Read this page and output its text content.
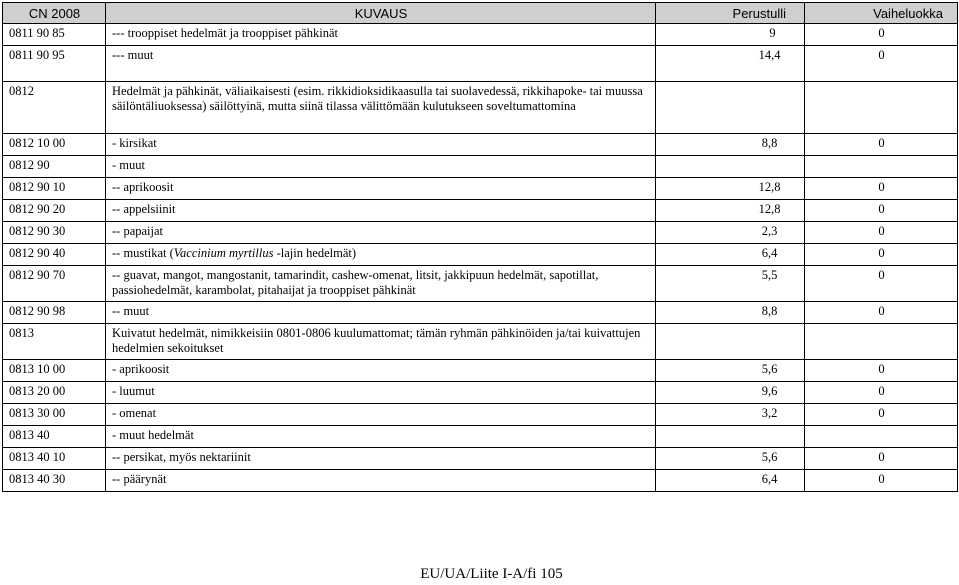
CN 2008	KUVAUS	Perustulli	Vaiheluokka
0811 90 85	--- trooppiset hedelmät ja trooppiset pähkinät	9	0
0811 90 95	--- muut	14,4	0
0812	Hedelmät ja pähkinät, väliaikaisesti (esim. rikkidioksidikaasulla tai suolavedessä, rikkihapoke- tai muussa säilöntäliuoksessa) säilöttyinä, mutta siinä tilassa välittömään kulutukseen soveltumattomina		
0812 10 00	- kirsikat	8,8	0
0812 90	- muut		
0812 90 10	-- aprikoosit	12,8	0
0812 90 20	-- appelsiinit	12,8	0
0812 90 30	-- papaijat	2,3	0
0812 90 40	-- mustikat (Vaccinium myrtillus -lajin hedelmät)	6,4	0
0812 90 70	-- guavat, mangot, mangostanit, tamarindit, cashew-omenat, litsit, jakkipuun hedelmät, sapotillat, passiohedelmät, karambolat, pitahaijat ja trooppiset pähkinät	5,5	0
0812 90 98	-- muut	8,8	0
0813	Kuivatut hedelmät, nimikkeisiin 0801-0806 kuulumattomat; tämän ryhmän pähkinöiden ja/tai kuivattujen hedelmien sekoitukset		
0813 10 00	- aprikoosit	5,6	0
0813 20 00	- luumut	9,6	0
0813 30 00	- omenat	3,2	0
0813 40	- muut hedelmät		
0813 40 10	-- persikat, myös nektariinit	5,6	0
0813 40 30	-- päärynät	6,4	0
EU/UA/Liite I-A/fi 105
